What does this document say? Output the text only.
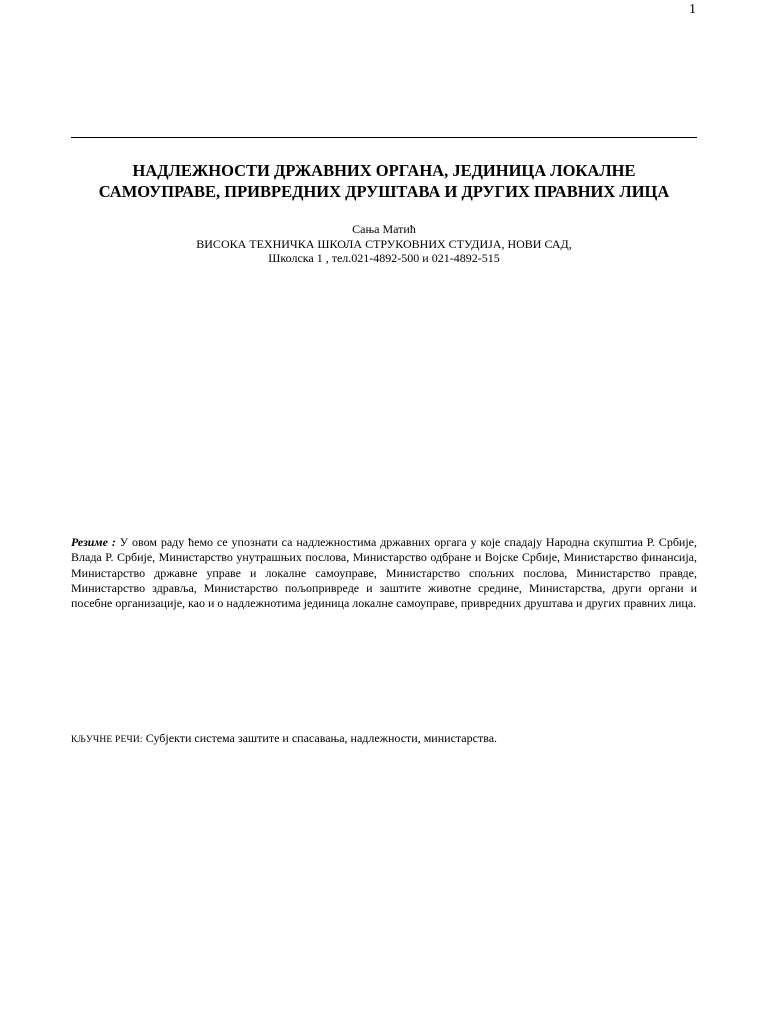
1
НАДЛЕЖНОСТИ ДРЖАВНИХ ОРГАНА, ЈЕДИНИЦА ЛОКАЛНЕ
САМОУПРАВЕ, ПРИВРЕДНИХ ДРУШТАВА И ДРУГИХ ПРАВНИХ ЛИЦА
Сања Матић
ВИСОКА ТЕХНИЧКА ШКОЛА СТРУКОВНИХ СТУДИЈА, НОВИ САД,
Школска 1 , тел.021-4892-500 и 021-4892-515
Резиме : У овом раду ћемо се упознати са надлежностима државних оргага у које спадају Народна скупштиа Р. Србије, Влада Р. Србије, Министарство унутрашњих послова, Министарство одбране и Војске Србије, Министарство финансија, Министарство државне управе и локалне самоуправе, Министарство спољних послова, Министарство правде, Министарство здравља, Министарство пољопривреде и заштите животне средине, Министарства, други органи и посебне организације, као и о надлежнотима јединица локалне самоуправе, привредних друштава и других правних лица.
КЉУЧНЕ РЕЧИ: Субјекти система заштите и спасавања, надлежности, министарства.
